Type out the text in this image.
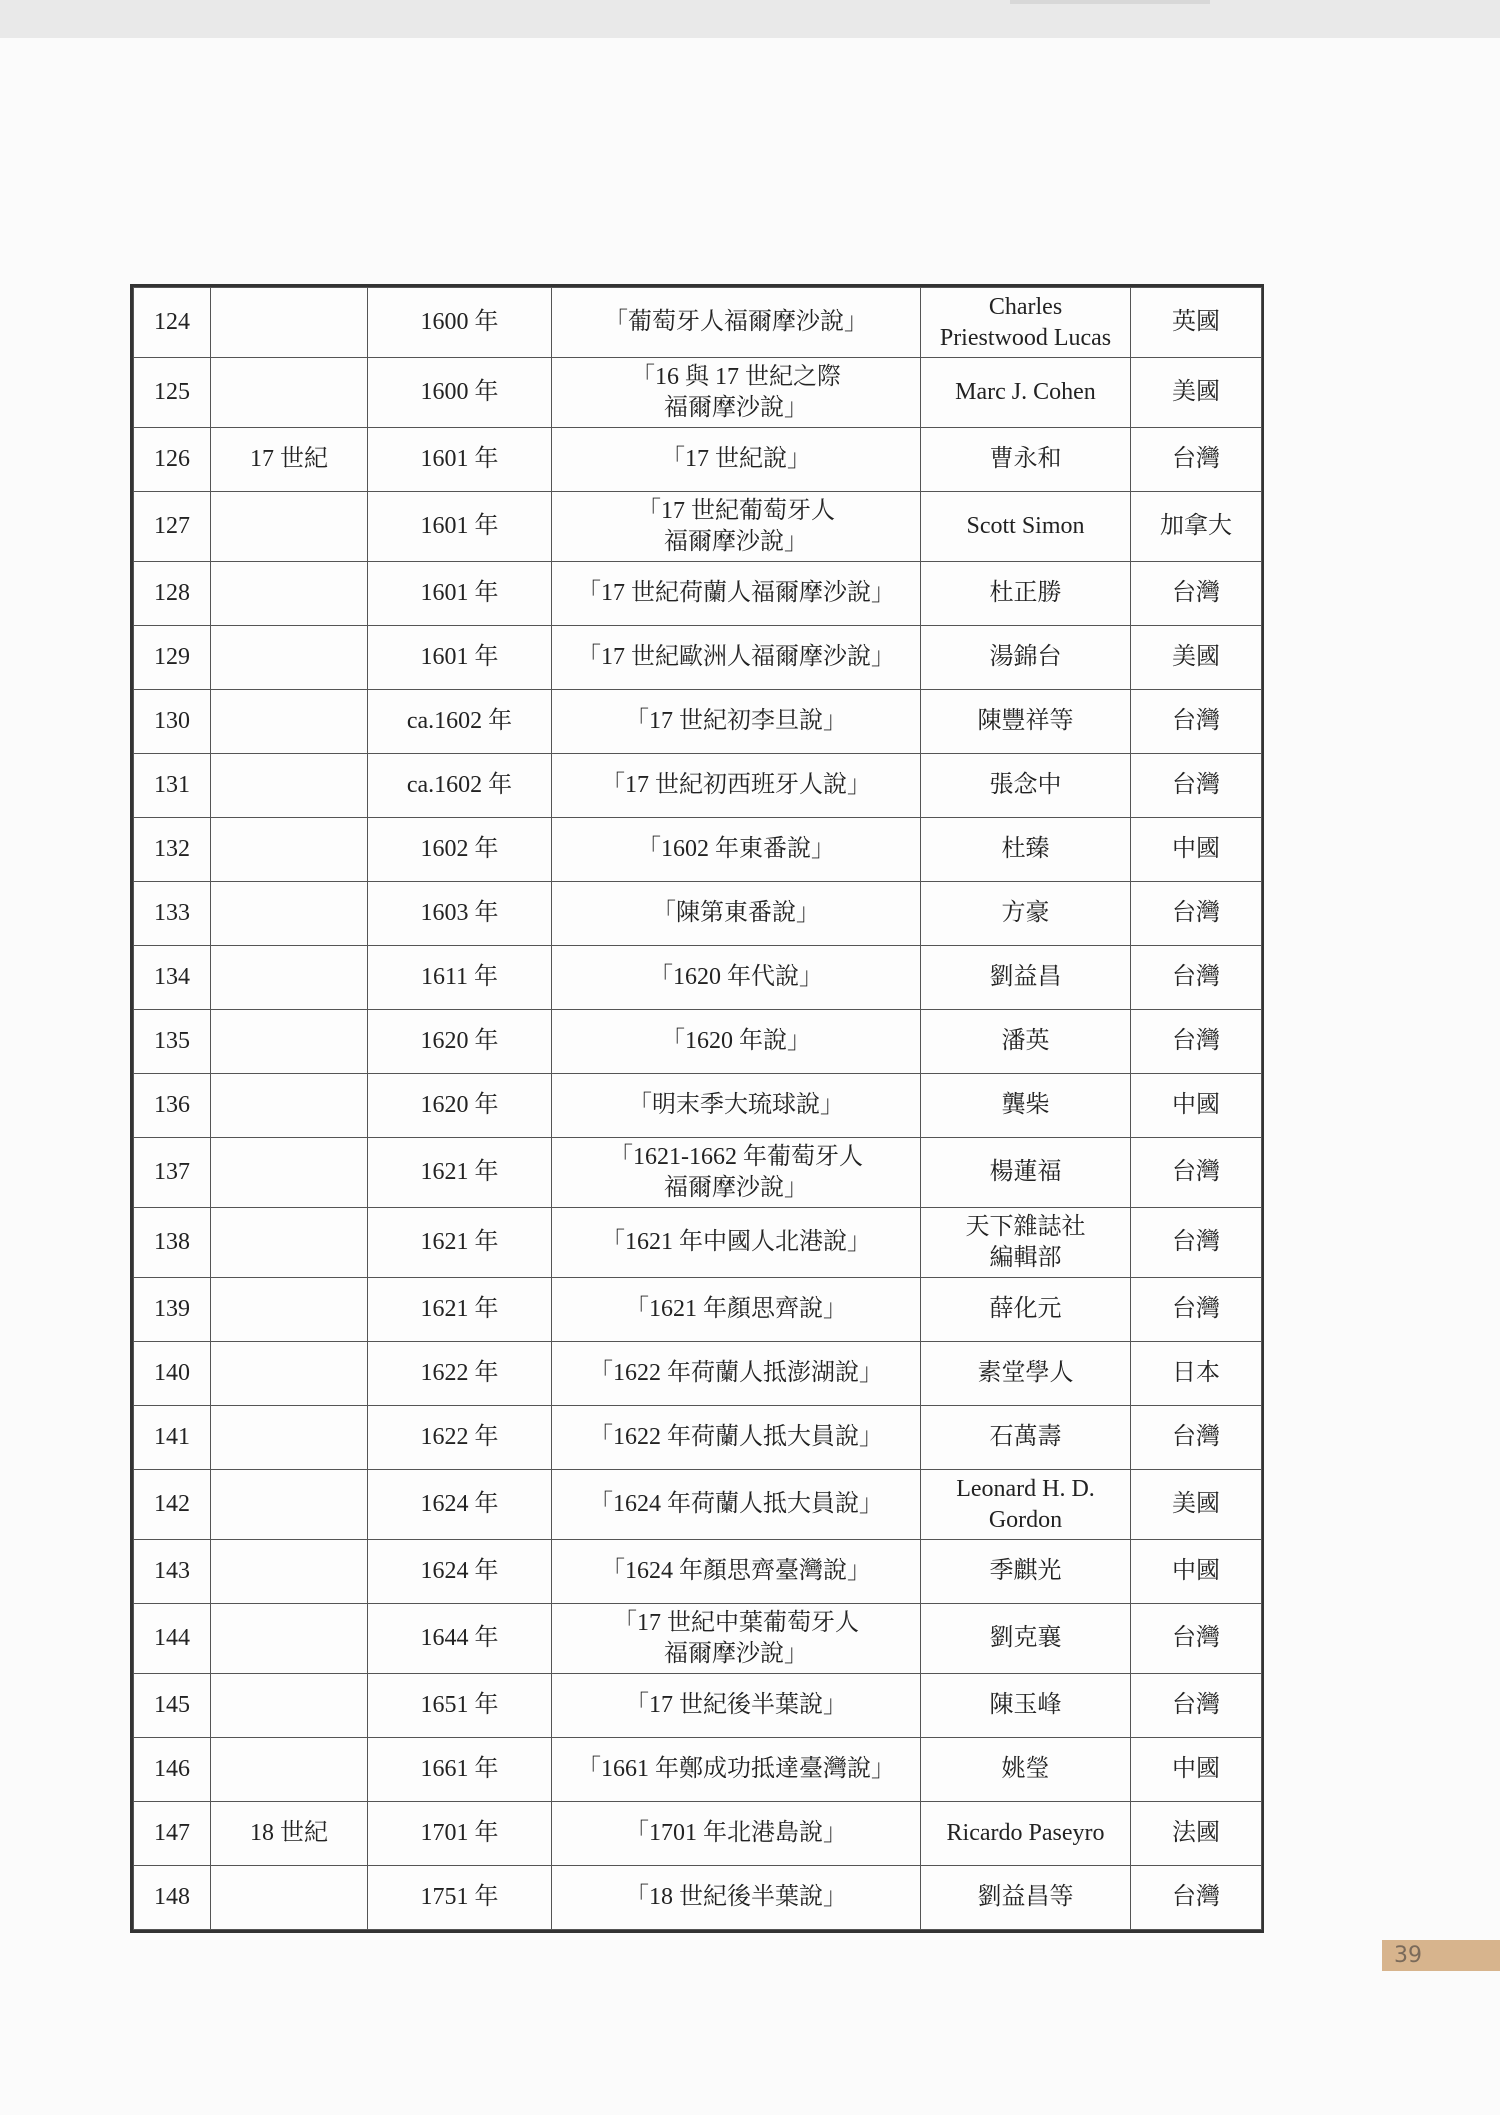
124		1600 年	「葡萄牙人福爾摩沙說」	Charles
Priestwood Lucas	英國
125		1600 年	「16 與 17 世紀之際
福爾摩沙說」	Marc J. Cohen	美國
126	17 世紀	1601 年	「17 世紀說」	曹永和	台灣
127		1601 年	「17 世紀葡萄牙人
福爾摩沙說」	Scott Simon	加拿大
128		1601 年	「17 世紀荷蘭人福爾摩沙說」	杜正勝	台灣
129		1601 年	「17 世紀歐洲人福爾摩沙說」	湯錦台	美國
130		ca.1602 年	「17 世紀初李旦說」	陳豐祥等	台灣
131		ca.1602 年	「17 世紀初西班牙人說」	張念中	台灣
132		1602 年	「1602 年東番說」	杜臻	中國
133		1603 年	「陳第東番說」	方豪	台灣
134		1611 年	「1620 年代說」	劉益昌	台灣
135		1620 年	「1620 年說」	潘英	台灣
136		1620 年	「明末季大琉球說」	龔柴	中國
137		1621 年	「1621-1662 年葡萄牙人
福爾摩沙說」	楊蓮福	台灣
138		1621 年	「1621 年中國人北港說」	天下雜誌社
編輯部	台灣
139		1621 年	「1621 年顏思齊說」	薛化元	台灣
140		1622 年	「1622 年荷蘭人抵澎湖說」	素堂學人	日本
141		1622 年	「1622 年荷蘭人抵大員說」	石萬壽	台灣
142		1624 年	「1624 年荷蘭人抵大員說」	Leonard H. D.
Gordon	美國
143		1624 年	「1624 年顏思齊臺灣說」	季麒光	中國
144		1644 年	「17 世紀中葉葡萄牙人
福爾摩沙說」	劉克襄	台灣
145		1651 年	「17 世紀後半葉說」	陳玉峰	台灣
146		1661 年	「1661 年鄭成功抵達臺灣說」	姚瑩	中國
147	18 世紀	1701 年	「1701 年北港島說」	Ricardo Paseyro	法國
148		1751 年	「18 世紀後半葉說」	劉益昌等	台灣
39
